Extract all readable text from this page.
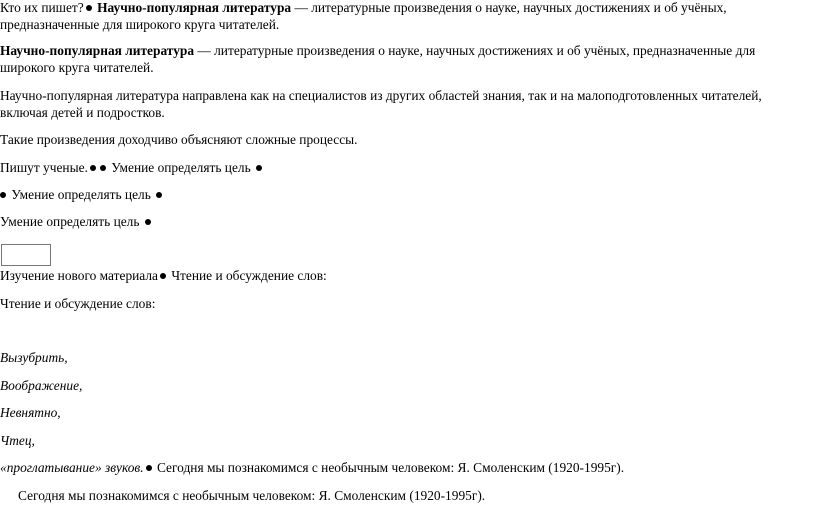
Кто их пишет? Научно-популярная литература — литературные произведения о науке, научных достижениях и об учёных, предназначенные для широкого круга читателей.
Научно-популярная литература — литературные произведения о науке, научных достижениях и об учёных, предназначенные для широкого круга читателей.
Научно-популярная литература направлена как на специалистов из других областей знания, так и на малоподготовленных читателей, включая детей и подростков.
Такие произведения доходчиво объясняют сложные процессы.
Пишут ученые. Умение определять цель
Умение определять цель
Умение определять цель
Изучение нового материала Чтение и обсуждение слов:
Чтение и обсуждение слов:
Вызубрить,
Воображение,
Невнятно,
Чтец,
«проглатывание» звуков. Сегодня мы познакомимся с необычным человеком: Я. Смоленским (1920-1995г).
Сегодня мы познакомимся с необычным человеком: Я. Смоленским (1920-1995г).
